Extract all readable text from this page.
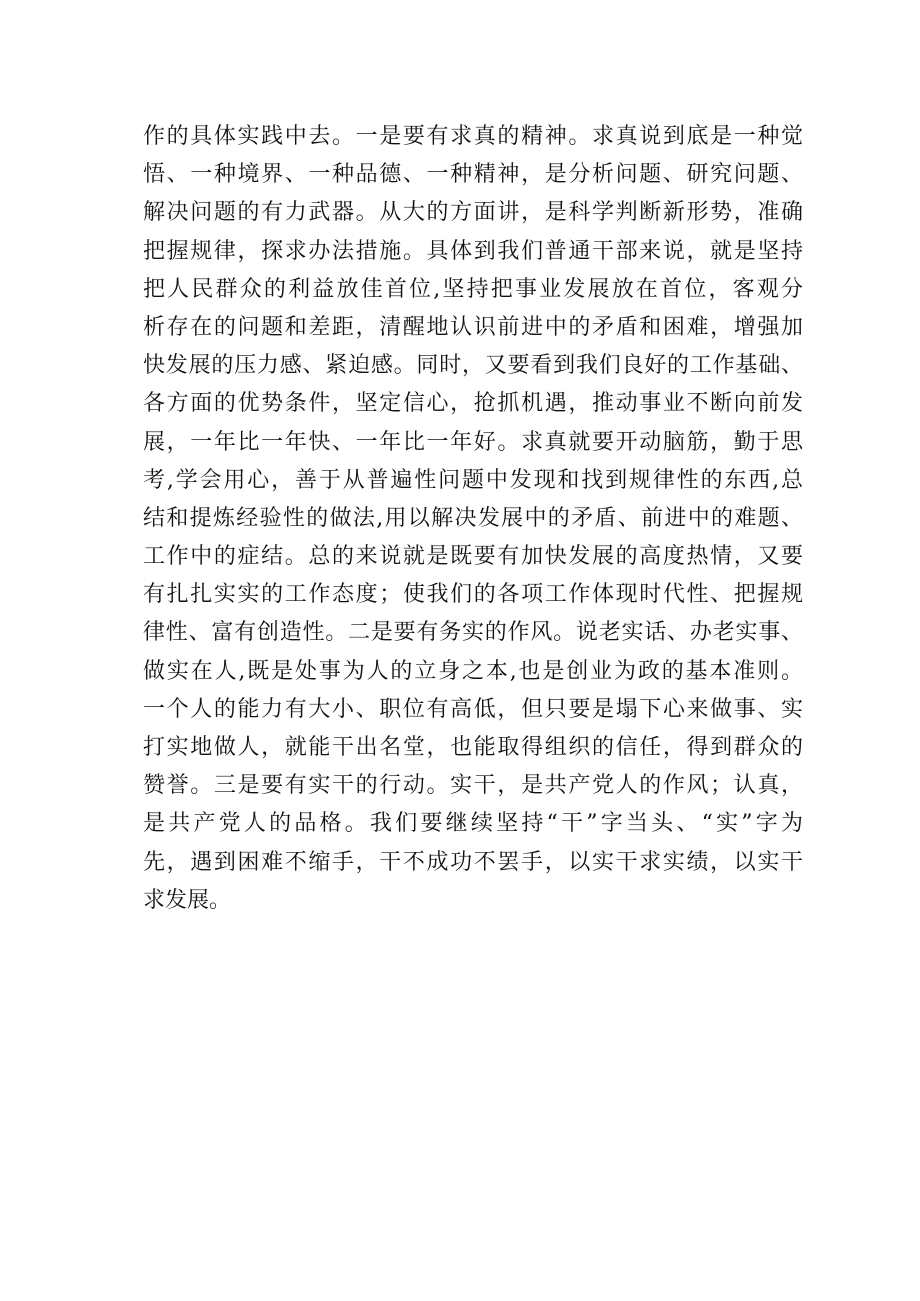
作的具体实践中去。一是要有求真的精神。求真说到底是一种觉
悟、一种境界、一种品德、一种精神，是分析问题、研究问题、
解决问题的有力武器。从大的方面讲，是科学判断新形势，准确
把握规律，探求办法措施。具体到我们普通干部来说，就是坚持
把人民群众的利益放佳首位,坚持把事业发展放在首位，客观分
析存在的问题和差距，清醒地认识前进中的矛盾和困难，增强加
快发展的压力感、紧迫感。同时，又要看到我们良好的工作基础、
各方面的优势条件，坚定信心，抢抓机遇，推动事业不断向前发
展，一年比一年快、一年比一年好。求真就要开动脑筋，勤于思
考,学会用心，善于从普遍性问题中发现和找到规律性的东西,总
结和提炼经验性的做法,用以解决发展中的矛盾、前进中的难题、
工作中的症结。总的来说就是既要有加快发展的高度热情，又要
有扎扎实实的工作态度；使我们的各项工作体现时代性、把握规
律性、富有创造性。二是要有务实的作风。说老实话、办老实事、
做实在人,既是处事为人的立身之本,也是创业为政的基本准则。
一个人的能力有大小、职位有高低，但只要是塌下心来做事、实
打实地做人，就能干出名堂，也能取得组织的信任，得到群众的
赞誉。三是要有实干的行动。实干，是共产党人的作风；认真，
是共产党人的品格。我们要继续坚持“干”字当头、“实”字为
先，遇到困难不缩手，干不成功不罢手，以实干求实绩，以实干
求发展。
